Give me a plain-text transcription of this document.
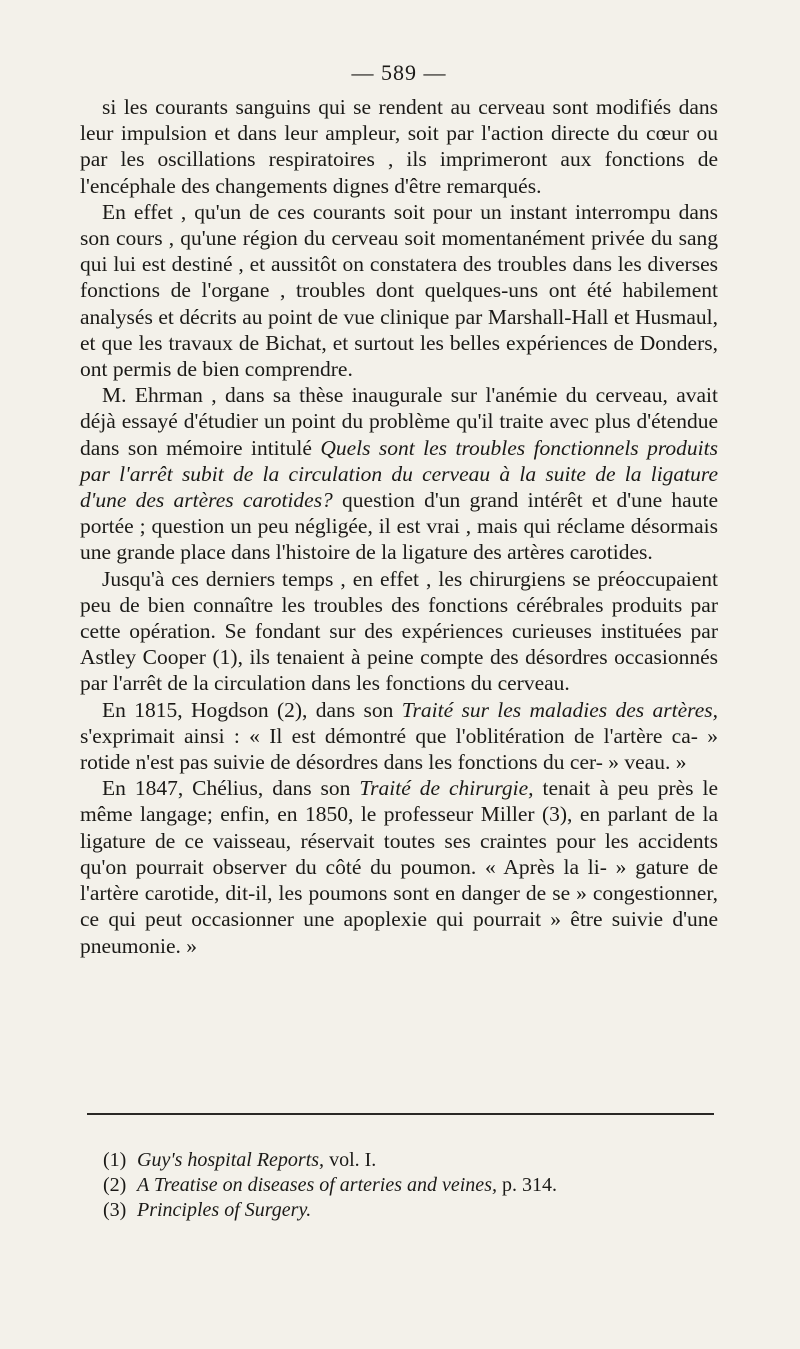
— 589 —

si les courants sanguins qui se rendent au cerveau sont modifiés dans leur impulsion et dans leur ampleur, soit par l'action directe du cœur ou par les oscillations respiratoires , ils imprimeront aux fonctions de l'encéphale des changements dignes d'être remarqués.

En effet , qu'un de ces courants soit pour un instant interrompu dans son cours , qu'une région du cerveau soit momentanément privée du sang qui lui est destiné , et aussitôt on constatera des troubles dans les diverses fonctions de l'organe , troubles dont quelques-uns ont été habilement analysés et décrits au point de vue clinique par Marshall-Hall et Husmaul, et que les travaux de Bichat, et surtout les belles expériences de Donders, ont permis de bien comprendre.

M. Ehrman , dans sa thèse inaugurale sur l'anémie du cerveau, avait déjà essayé d'étudier un point du problème qu'il traite avec plus d'étendue dans son mémoire intitulé Quels sont les troubles fonctionnels produits par l'arrêt subit de la circulation du cerveau à la suite de la ligature d'une des artères carotides? question d'un grand intérêt et d'une haute portée ; question un peu négligée, il est vrai , mais qui réclame désormais une grande place dans l'histoire de la ligature des artères carotides.

Jusqu'à ces derniers temps , en effet , les chirurgiens se préoccupaient peu de bien connaître les troubles des fonctions cérébrales produits par cette opération. Se fondant sur des expériences curieuses instituées par Astley Cooper (1), ils tenaient à peine compte des désordres occasionnés par l'arrêt de la circulation dans les fonctions du cerveau.

En 1815, Hogdson (2), dans son Traité sur les maladies des artères, s'exprimait ainsi : « Il est démontré que l'oblitération de l'artère ca- » rotide n'est pas suivie de désordres dans les fonctions du cer- » veau. »

En 1847, Chélius, dans son Traité de chirurgie, tenait à peu près le même langage; enfin, en 1850, le professeur Miller (3), en parlant de la ligature de ce vaisseau, réservait toutes ses craintes pour les accidents qu'on pourrait observer du côté du poumon. « Après la li- » gature de l'artère carotide, dit-il, les poumons sont en danger de se » congestionner, ce qui peut occasionner une apoplexie qui pourrait » être suivie d'une pneumonie. »

(1) Guy's hospital Reports, vol. I.

(2) A Treatise on diseases of arteries and veines, p. 314.

(3) Principles of Surgery.
